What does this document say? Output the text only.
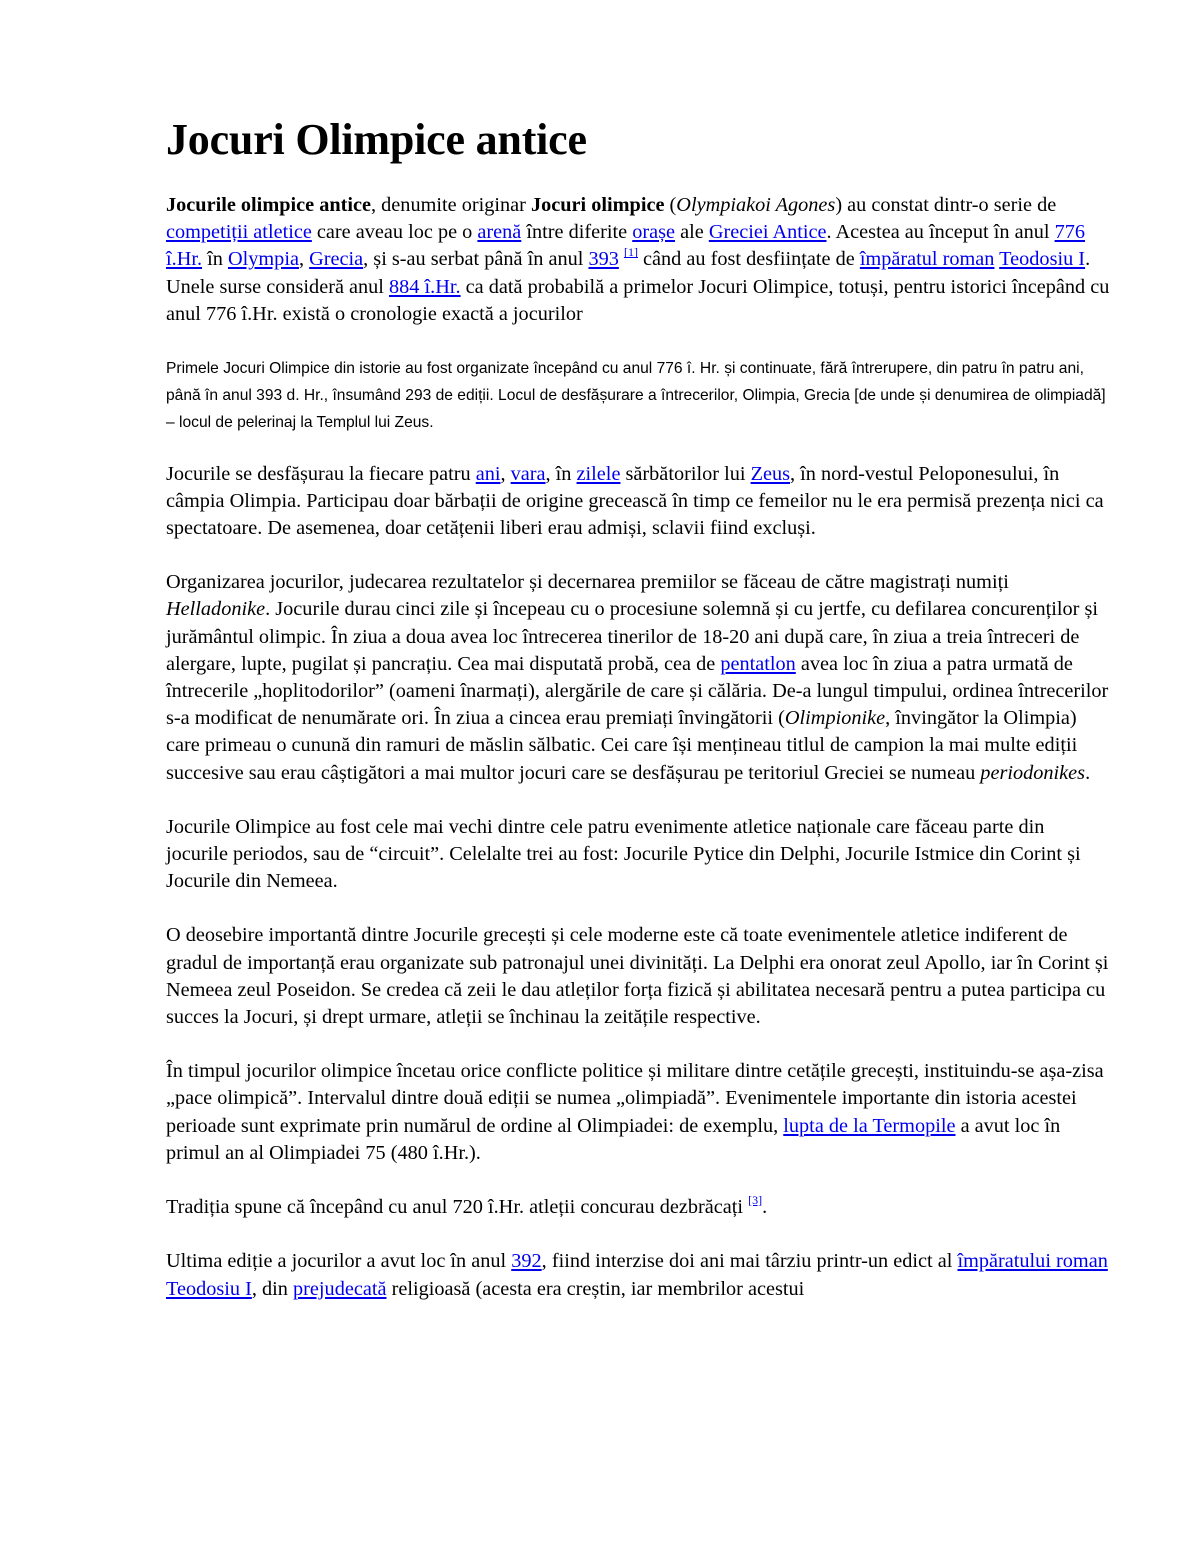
Jocuri Olimpice antice

Jocurile olimpice antice, denumite originar Jocuri olimpice (Olympiakoi Agones) au constat dintr-o serie de competiții atletice care aveau loc pe o arenă între diferite orașe ale Greciei Antice. Acestea au început în anul 776 î.Hr. în Olympia, Grecia, și s-au serbat până în anul 393 [1] când au fost desființate de împăratul roman Teodosiu I. Unele surse consideră anul 884 î.Hr. ca dată probabilă a primelor Jocuri Olimpice, totuși, pentru istorici începând cu anul 776 î.Hr. există o cronologie exactă a jocurilor

Primele Jocuri Olimpice din istorie au fost organizate începând cu anul 776 î. Hr. și continuate, fără întrerupere, din patru în patru ani, până în anul 393 d. Hr., însumând 293 de ediții. Locul de desfășurare a întrecerilor, Olimpia, Grecia [de unde și denumirea de olimpiadă] – locul de pelerinaj la Templul lui Zeus.

Jocurile se desfășurau la fiecare patru ani, vara, în zilele sărbătorilor lui Zeus, în nord-vestul Peloponesului, în câmpia Olimpia. Participau doar bărbații de origine grecească în timp ce femeilor nu le era permisă prezența nici ca spectatoare. De asemenea, doar cetățenii liberi erau admiși, sclavii fiind excluși.

Organizarea jocurilor, judecarea rezultatelor și decernarea premiilor se făceau de către magistrați numiți Helladonike. Jocurile durau cinci zile și începeau cu o procesiune solemnă și cu jertfe, cu defilarea concurenților și jurământul olimpic. În ziua a doua avea loc întrecerea tinerilor de 18-20 ani după care, în ziua a treia întreceri de alergare, lupte, pugilat și pancrațiu. Cea mai disputată probă, cea de pentatlon avea loc în ziua a patra urmată de întrecerile „hoplitodorilor” (oameni înarmați), alergările de care și călăria. De-a lungul timpului, ordinea întrecerilor s-a modificat de nenumărate ori. În ziua a cincea erau premiați învingătorii (Olimpionike, învingător la Olimpia) care primeau o cunună din ramuri de măslin sălbatic. Cei care își mențineau titlul de campion la mai multe ediții succesive sau erau câștigători a mai multor jocuri care se desfășurau pe teritoriul Greciei se numeau periodonikes.

Jocurile Olimpice au fost cele mai vechi dintre cele patru evenimente atletice naționale care făceau parte din jocurile periodos, sau de “circuit”. Celelalte trei au fost: Jocurile Pytice din Delphi, Jocurile Istmice din Corint și Jocurile din Nemeea.

O deosebire importantă dintre Jocurile grecești și cele moderne este că toate evenimentele atletice indiferent de gradul de importanță erau organizate sub patronajul unei divinități. La Delphi era onorat zeul Apollo, iar în Corint și Nemeea zeul Poseidon. Se credea că zeii le dau atleților forța fizică și abilitatea necesară pentru a putea participa cu succes la Jocuri, și drept urmare, atleții se închinau la zeitățile respective.

În timpul jocurilor olimpice încetau orice conflicte politice și militare dintre cetățile grecești, instituindu-se așa-zisa „pace olimpică”. Intervalul dintre două ediții se numea „olimpiadă”. Evenimentele importante din istoria acestei perioade sunt exprimate prin numărul de ordine al Olimpiadei: de exemplu, lupta de la Termopile a avut loc în primul an al Olimpiadei 75 (480 î.Hr.).

Tradiția spune că începând cu anul 720 î.Hr. atleții concurau dezbrăcați [3].

Ultima ediție a jocurilor a avut loc în anul 392, fiind interzise doi ani mai târziu printr-un edict al împăratului roman Teodosiu I, din prejudecată religioasă (acesta era creștin, iar membrilor acestui
